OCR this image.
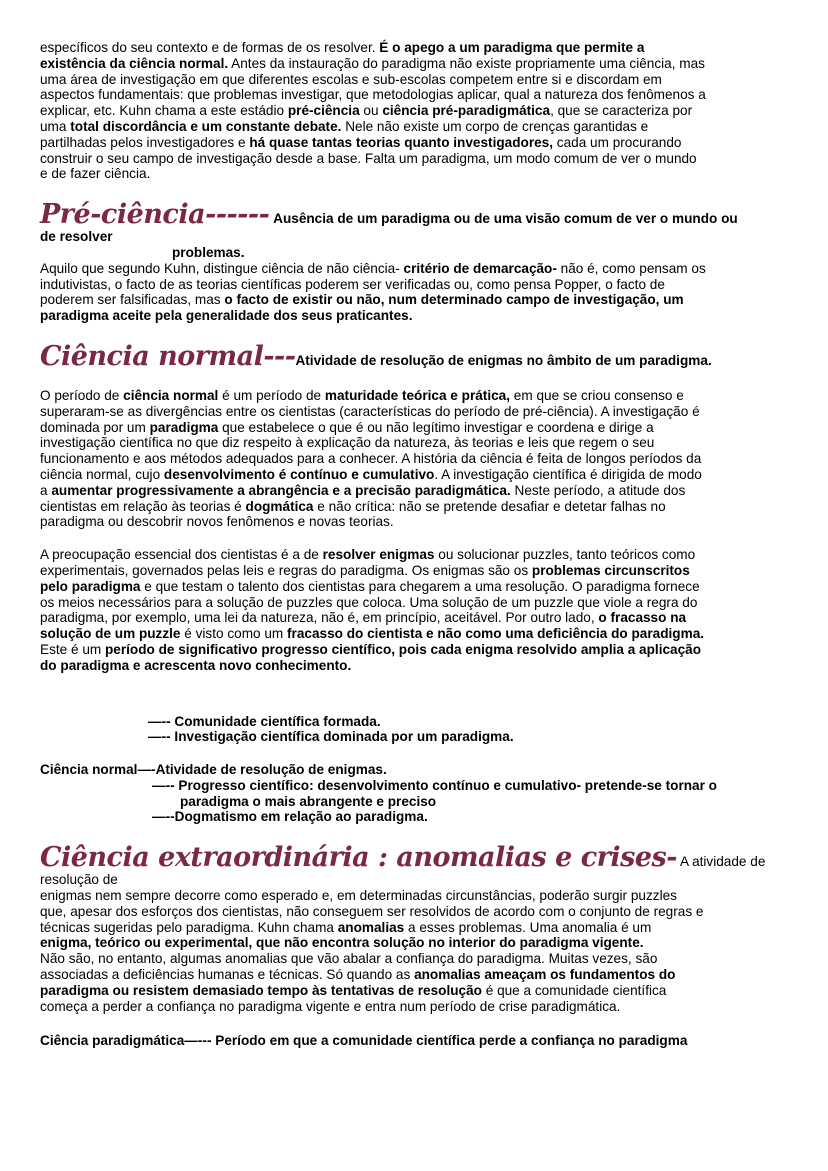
específicos do seu contexto e de formas de os resolver. É o apego a um paradigma que permite a

existência da ciência normal. Antes da instauração do paradigma não existe propriamente uma ciência, mas

uma área de investigação em que diferentes escolas e sub-escolas competem entre si e discordam em

aspectos fundamentais: que problemas investigar, que metodologias aplicar, qual a natureza dos fenômenos a

explicar, etc. Kuhn chama a este estádio pré-ciência ou ciência pré-paradigmática, que se caracteriza por

uma total discordância e um constante debate. Nele não existe um corpo de crenças garantidas e

partilhadas pelos investigadores e há quase tantas teorias quanto investigadores, cada um procurando

construir o seu campo de investigação desde a base. Falta um paradigma, um modo comum de ver o mundo

e de fazer ciência.

Pré-ciência------ Ausência de um paradigma ou de uma visão comum de ver o mundo ou

de resolver

problemas.

Aquilo que segundo Kuhn, distingue ciência de não ciência- critério de demarcação- não é, como pensam os

indutivistas, o facto de as teorias científicas poderem ser verificadas ou, como pensa Popper, o facto de

poderem ser falsificadas, mas o facto de existir ou não, num determinado campo de investigação, um

paradigma aceite pela generalidade dos seus praticantes.

Ciência normal---Atividade de resolução de enigmas no âmbito de um paradigma.

O período de ciência normal é um período de maturidade teórica e prática, em que se criou consenso e

superaram-se as divergências entre os cientistas (características do período de pré-ciência). A investigação é

dominada por um paradigma que estabelece o que é ou não legítimo investigar e coordena e dirige a

investigação científica no que diz respeito à explicação da natureza, às teorias e leis que regem o seu

funcionamento e aos métodos adequados para a conhecer. A história da ciência é feita de longos períodos da

ciência normal, cujo desenvolvimento é contínuo e cumulativo. A investigação científica é dirigida de modo

a aumentar progressivamente a abrangência e a precisão paradigmática. Neste período, a atitude dos

cientistas em relação às teorias é dogmática e não crítica: não se pretende desafiar e detetar falhas no

paradigma ou descobrir novos fenômenos e novas teorias.

A preocupação essencial dos cientistas é a de resolver enigmas ou solucionar puzzles, tanto teóricos como

experimentais, governados pelas leis e regras do paradigma. Os enigmas são os problemas circunscritos

pelo paradigma e que testam o talento dos cientistas para chegarem a uma resolução. O paradigma fornece

os meios necessários para a solução de puzzles que coloca. Uma solução de um puzzle que viole a regra do

paradigma, por exemplo, uma lei da natureza, não é, em princípio, aceitável. Por outro lado, o fracasso na

solução de um puzzle é visto como um fracasso do cientista e não como uma deficiência do paradigma.

Este é um período de significativo progresso científico, pois cada enigma resolvido amplia a aplicação

do paradigma e acrescenta novo conhecimento.

—-- Comunidade científica formada.

—-- Investigação científica dominada por um paradigma.

Ciência normal—-Atividade de resolução de enigmas.

—-- Progresso científico: desenvolvimento contínuo e cumulativo- pretende-se tornar o

paradigma o mais abrangente e preciso

—--Dogmatismo em relação ao paradigma.

Ciência extraordinária : anomalias e crises- A atividade de resolução de

enigmas nem sempre decorre como esperado e, em determinadas circunstâncias, poderão surgir puzzles

que, apesar dos esforços dos cientistas, não conseguem ser resolvidos de acordo com o conjunto de regras e

técnicas sugeridas pelo paradigma. Kuhn chama anomalias a esses problemas. Uma anomalia é um

enigma, teórico ou experimental, que não encontra solução no interior do paradigma vigente.

Não são, no entanto, algumas anomalias que vão abalar a confiança do paradigma. Muitas vezes, são

associadas a deficiências humanas e técnicas. Só quando as anomalias ameaçam os fundamentos do

paradigma ou resistem demasiado tempo às tentativas de resolução é que a comunidade científica

começa a perder a confiança no paradigma vigente e entra num período de crise paradigmática.

Ciência paradigmática—--- Período em que a comunidade científica perde a confiança no paradigma
